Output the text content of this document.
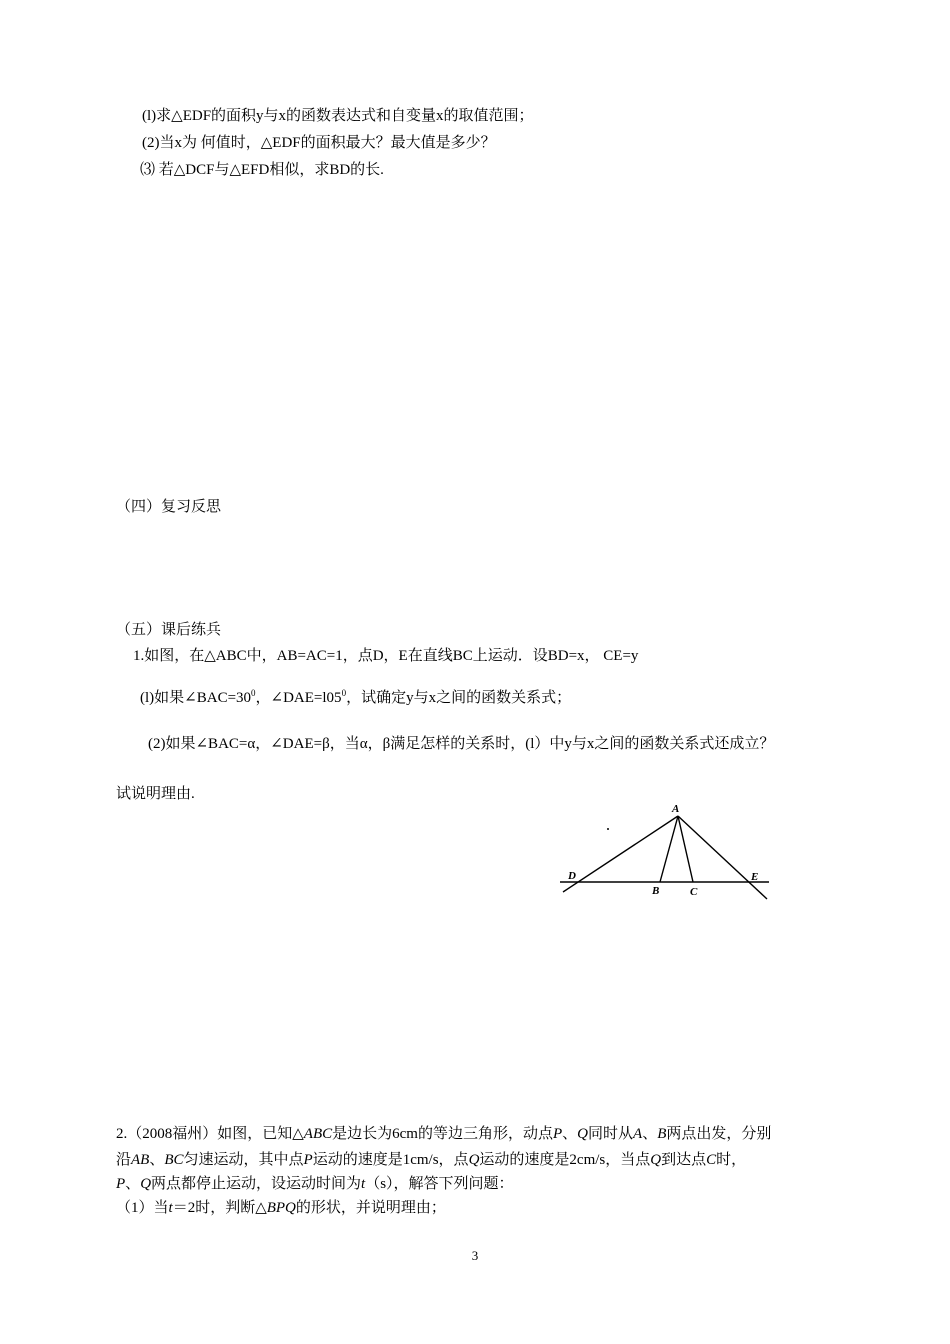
(l)求△EDF的面积y与x的函数表达式和自变量x的取值范围；
(2)当x为 何值时，△EDF的面积最大？最大值是多少？
⑶ 若△DCF与△EFD相似，求BD的长.
（四）复习反思
（五）课后练兵
1.如图，在△ABC中，AB=AC=1，点D，E在直线BC上运动．设BD=x， CE=y
(l)如果$\angle BAC=30^0$，$\angle DAE=l05^0$，试确定y与x之间的函数关系式；
(2)如果∠BAC=α，∠DAE=β，当α，β满足怎样的关系时，(l）中y与x之间的函数关系式还成立？
试说明理由.
A
D
B	C
E
2.（2008福州）如图，已知△ABC是边长为6cm的等边三角形，动点P、Q同时从A、B两点出发，分别
沿AB、BC匀速运动，其中点P运动的速度是1cm/s，点Q运动的速度是2cm/s，当点Q到达点C时，
P、Q两点都停止运动，设运动时间为t（s），解答下列问题：
（1）当t＝2时，判断△BPQ的形状，并说明理由；
3
